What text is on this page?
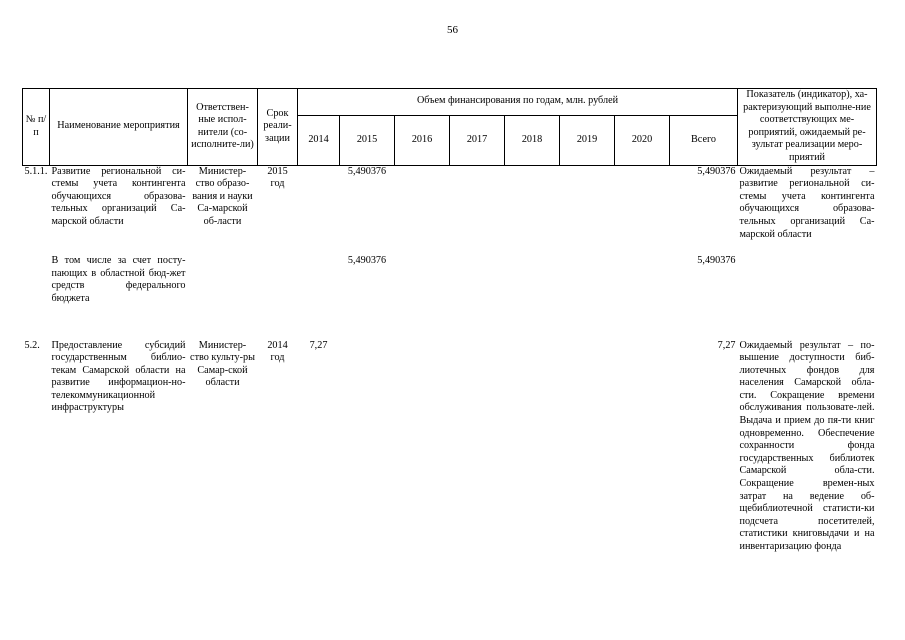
56
№ п/п	Наименование мероприятия	Ответствен-ные испол-нители (со-исполните-ли)	Срок реали-зации	Объем финансирования по годам, млн. рублей								Показатель (индикатор), ха-рактеризующий выполне-ние соответствующих ме-роприятий, ожидаемый ре-зультат реализации меро-приятий
				2014	2015	2016	2017	2018	2019	2020	Всего	
5.1.1.	Развитие региональной си-стемы учета контингента обучающихся образова-тельных организаций Са-марской области	Министер-ство образо-вания и науки Са-марской об-ласти	2015 год		5,490376						5,490376	Ожидаемый результат – развитие региональной си-стемы учета контингента обучающихся образова-тельных организаций Са-марской области

	В том числе за счет посту-пающих в областной бюд-жет средств федерального бюджета				5,490376						5,490376	

5.2.	Предоставление субсидий государственным библио-текам Самарской области на развитие информацион-но-телекоммуникационной инфраструктуры	Министер-ство культу-ры Самар-ской области	2014 год	7,27							7,27	Ожидаемый результат – по-вышение доступности биб-лиотечных фондов для населения Самарской обла-сти. Сокращение времени обслуживания пользовате-лей. Выдача и прием до пя-ти книг одновременно. Обеспечение сохранности фонда государственных библиотек Самарской обла-сти. Сокращение времен-ных затрат на ведение об-щебиблиотечной статисти-ки подсчета посетителей, статистики книговыдачи и на инвентаризацию фонда
